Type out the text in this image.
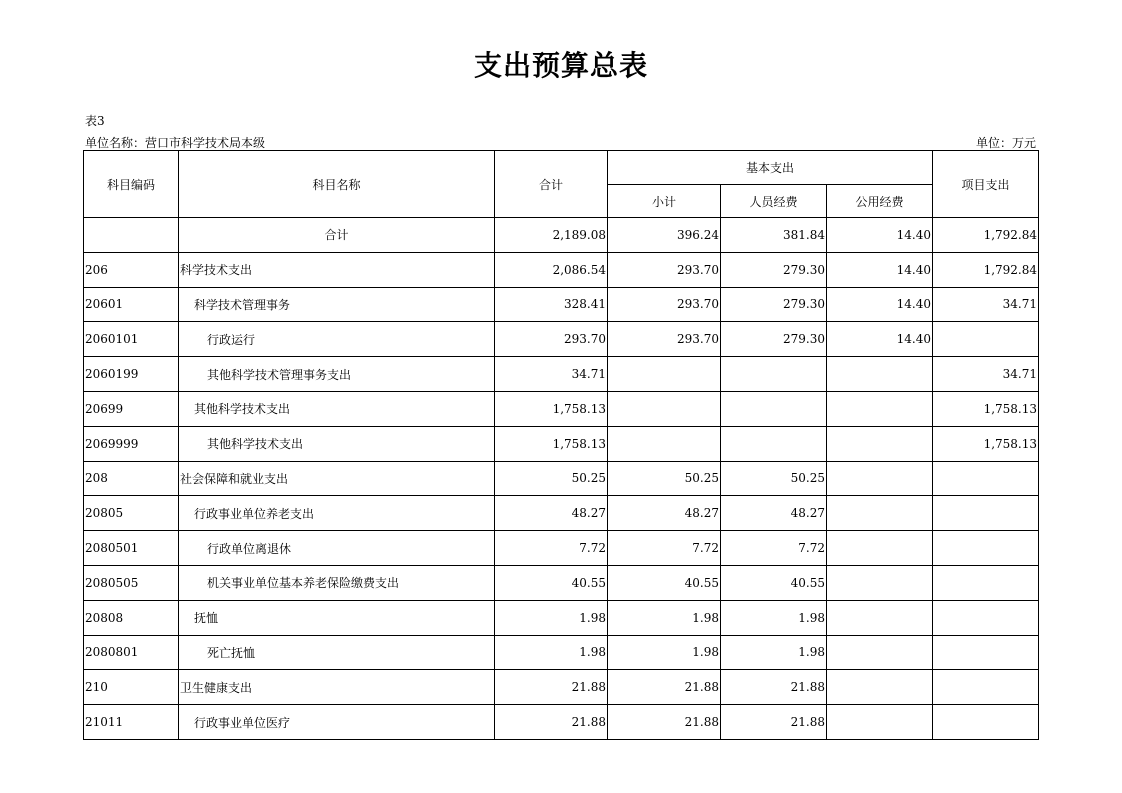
支出预算总表
表3
单位名称：营口市科学技术局本级	单位：万元
科目编码	科目名称	合计	基本支出			项目支出
			小计	人员经费	公用经费	
	合计	2,189.08	396.24	381.84	14.40	1,792.84
206	科学技术支出	2,086.54	293.70	279.30	14.40	1,792.84
20601	科学技术管理事务	328.41	293.70	279.30	14.40	34.71
2060101	行政运行	293.70	293.70	279.30	14.40	
2060199	其他科学技术管理事务支出	34.71				34.71
20699	其他科学技术支出	1,758.13				1,758.13
2069999	其他科学技术支出	1,758.13				1,758.13
208	社会保障和就业支出	50.25	50.25	50.25		
20805	行政事业单位养老支出	48.27	48.27	48.27		
2080501	行政单位离退休	7.72	7.72	7.72		
2080505	机关事业单位基本养老保险缴费支出	40.55	40.55	40.55		
20808	抚恤	1.98	1.98	1.98		
2080801	死亡抚恤	1.98	1.98	1.98		
210	卫生健康支出	21.88	21.88	21.88		
21011	行政事业单位医疗	21.88	21.88	21.88		
